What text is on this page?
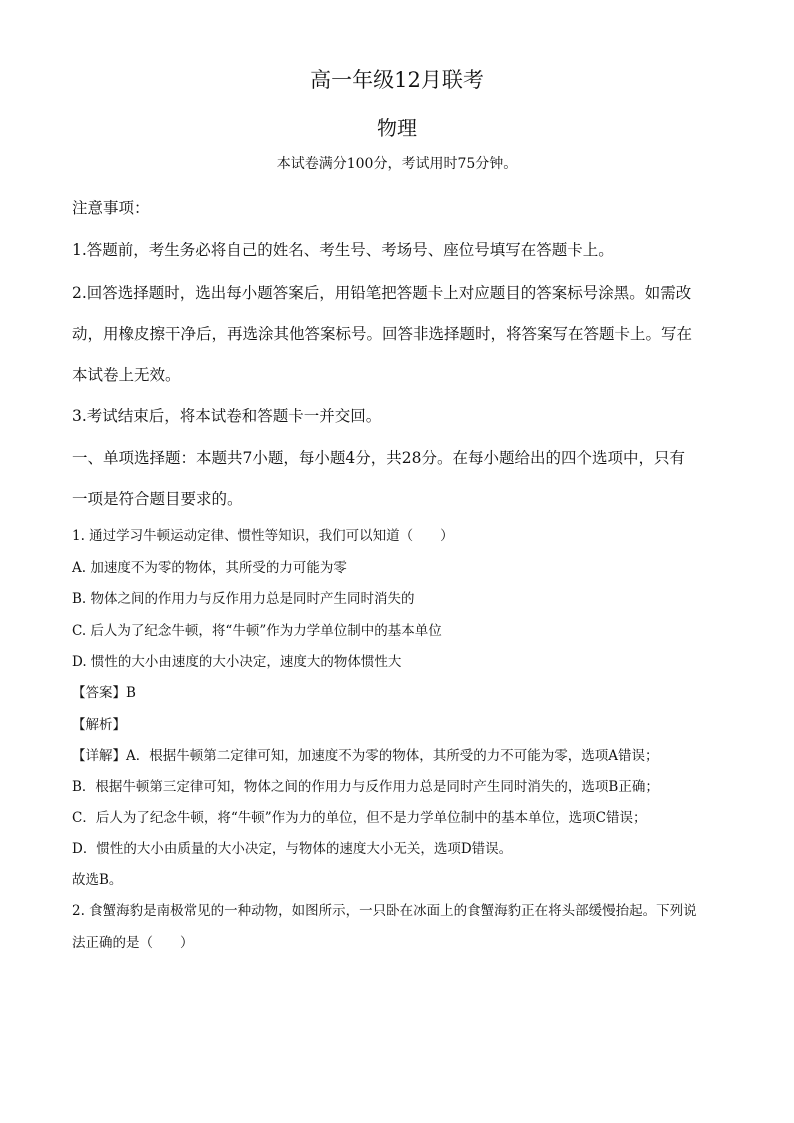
高一年级12月联考
物理
本试卷满分100分，考试用时75分钟。
注意事项：
1.答题前，考生务必将自己的姓名、考生号、考场号、座位号填写在答题卡上。
2.回答选择题时，选出每小题答案后，用铅笔把答题卡上对应题目的答案标号涂黑。如需改
动，用橡皮擦干净后，再选涂其他答案标号。回答非选择题时，将答案写在答题卡上。写在
本试卷上无效。
3.考试结束后，将本试卷和答题卡一并交回。
一、单项选择题：本题共7小题，每小题4分，共28分。在每小题给出的四个选项中，只有
一项是符合题目要求的。
1. 通过学习牛顿运动定律、惯性等知识，我们可以知道（　　）
A. 加速度不为零的物体，其所受的力可能为零
B. 物体之间的作用力与反作用力总是同时产生同时消失的
C. 后人为了纪念牛顿，将“牛顿”作为力学单位制中的基本单位
D. 惯性的大小由速度的大小决定，速度大的物体惯性大
【答案】B
【解析】
【详解】A．根据牛顿第二定律可知，加速度不为零的物体，其所受的力不可能为零，选项A错误；
B．根据牛顿第三定律可知，物体之间的作用力与反作用力总是同时产生同时消失的，选项B正确；
C．后人为了纪念牛顿，将“牛顿”作为力的单位，但不是力学单位制中的基本单位，选项C错误；
D．惯性的大小由质量的大小决定，与物体的速度大小无关，选项D错误。
故选B。
2. 食蟹海豹是南极常见的一种动物，如图所示，一只卧在冰面上的食蟹海豹正在将头部缓慢抬起。下列说
法正确的是（　　）
